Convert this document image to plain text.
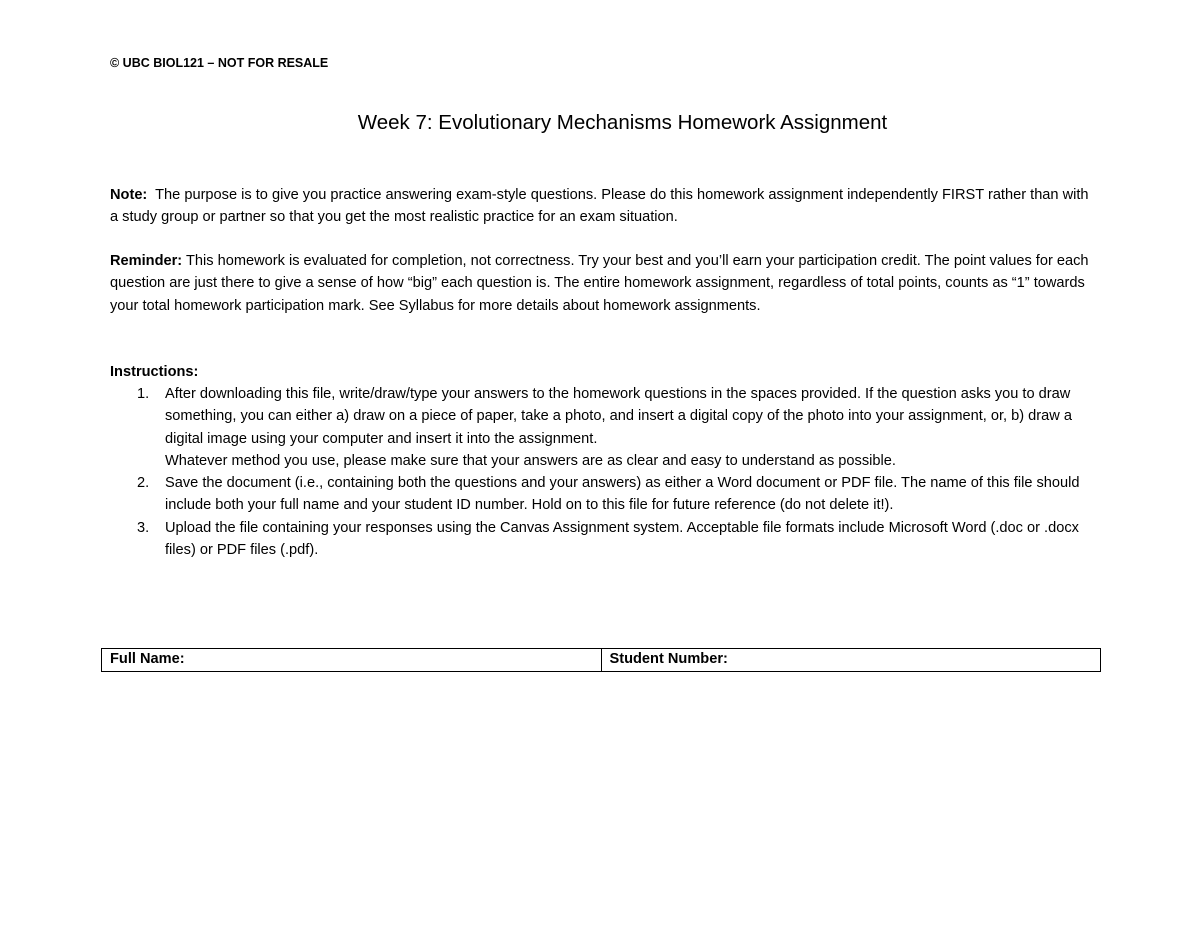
© UBC BIOL121 – NOT FOR RESALE
Week 7: Evolutionary Mechanisms Homework Assignment
Note:  The purpose is to give you practice answering exam-style questions. Please do this homework assignment independently FIRST rather than with a study group or partner so that you get the most realistic practice for an exam situation.
Reminder: This homework is evaluated for completion, not correctness. Try your best and you’ll earn your participation credit. The point values for each question are just there to give a sense of how “big” each question is. The entire homework assignment, regardless of total points, counts as “1” towards your total homework participation mark. See Syllabus for more details about homework assignments.
Instructions:
1. After downloading this file, write/draw/type your answers to the homework questions in the spaces provided. If the question asks you to draw something, you can either a) draw on a piece of paper, take a photo, and insert a digital copy of the photo into your assignment, or, b) draw a digital image using your computer and insert it into the assignment.
Whatever method you use, please make sure that your answers are as clear and easy to understand as possible.
2. Save the document (i.e., containing both the questions and your answers) as either a Word document or PDF file. The name of this file should include both your full name and your student ID number. Hold on to this file for future reference (do not delete it!).
3. Upload the file containing your responses using the Canvas Assignment system. Acceptable file formats include Microsoft Word (.doc or .docx files) or PDF files (.pdf).
Full Name:	Student Number:
